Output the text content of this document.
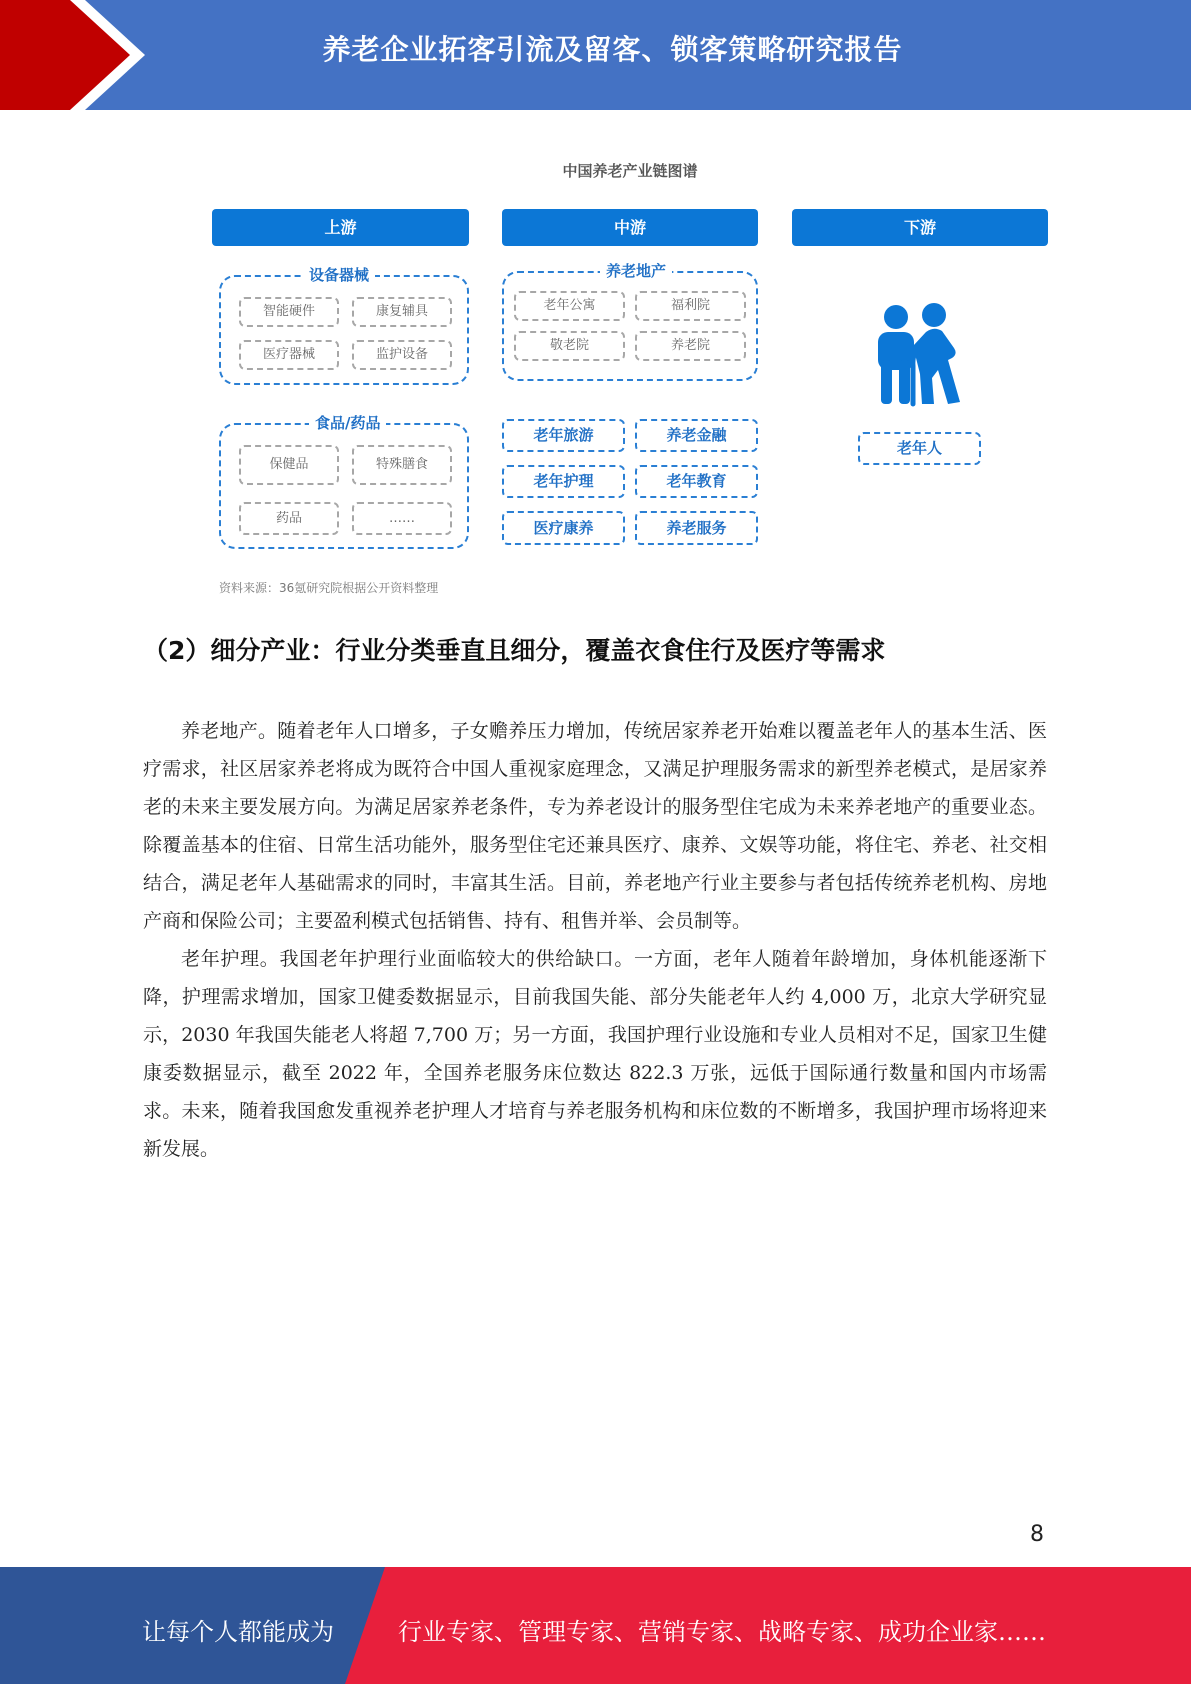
养老企业拓客引流及留客、锁客策略研究报告
中国养老产业链图谱
上游	中游	下游
设备器械
智能硬件	康复辅具
医疗器械	监护设备
食品/药品
保健品	特殊膳食
药品	……
养老地产
老年公寓	福利院
敬老院	养老院
老年旅游	养老金融
老年护理	老年教育
医疗康养	养老服务
老年人
资料来源：36氪研究院根据公开资料整理
（2）细分产业：行业分类垂直且细分，覆盖衣食住行及医疗等需求

养老地产。随着老年人口增多，子女赡养压力增加，传统居家养老开始难以覆盖老年人的基本生活、医疗需求，社区居家养老将成为既符合中国人重视家庭理念，又满足护理服务需求的新型养老模式，是居家养老的未来主要发展方向。为满足居家养老条件，专为养老设计的服务型住宅成为未来养老地产的重要业态。除覆盖基本的住宿、日常生活功能外，服务型住宅还兼具医疗、康养、文娱等功能，将住宅、养老、社交相结合，满足老年人基础需求的同时，丰富其生活。目前，养老地产行业主要参与者包括传统养老机构、房地产商和保险公司；主要盈利模式包括销售、持有、租售并举、会员制等。

老年护理。我国老年护理行业面临较大的供给缺口。一方面，老年人随着年龄增加，身体机能逐渐下降，护理需求增加，国家卫健委数据显示，目前我国失能、部分失能老年人约 4,000 万，北京大学研究显示，2030 年我国失能老人将超 7,700 万；另一方面，我国护理行业设施和专业人员相对不足，国家卫生健康委数据显示，截至 2022 年，全国养老服务床位数达 822.3 万张，远低于国际通行数量和国内市场需求。未来，随着我国愈发重视养老护理人才培育与养老服务机构和床位数的不断增多，我国护理市场将迎来新发展。

8
让每个人都能成为	行业专家、管理专家、营销专家、战略专家、成功企业家……
